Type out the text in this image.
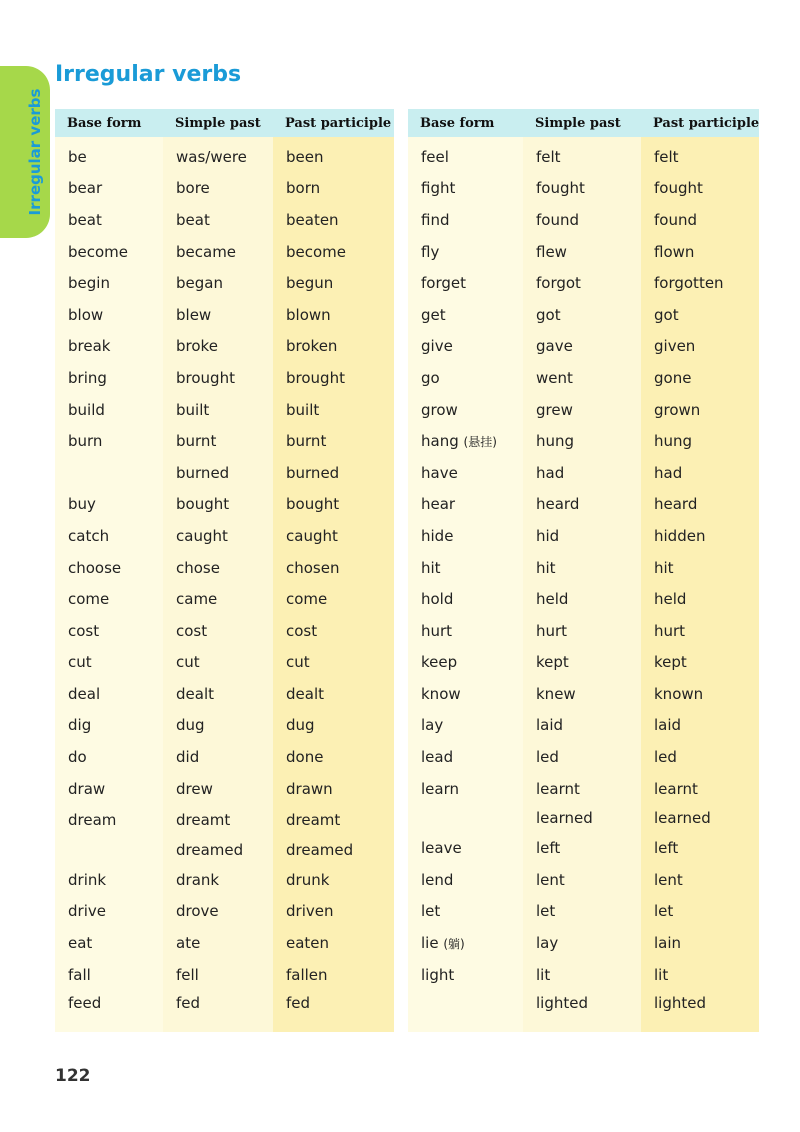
Irregular verbs
Irregular verbs
Base form	Simple past	Past participle
be	was/were	been
bear	bore	born
beat	beat	beaten
become	became	become
begin	began	begun
blow	blew	blown
break	broke	broken
bring	brought	brought
build	built	built
burn	burnt	burnt
	burned	burned
buy	bought	bought
catch	caught	caught
choose	chose	chosen
come	came	come
cost	cost	cost
cut	cut	cut
deal	dealt	dealt
dig	dug	dug
do	did	done
draw	drew	drawn
dream	dreamt	dreamt
	dreamed	dreamed
drink	drank	drunk
drive	drove	driven
eat	ate	eaten
fall	fell	fallen
feed	fed	fed
Base form	Simple past	Past participle
feel	felt	felt
fight	fought	fought
find	found	found
fly	flew	flown
forget	forgot	forgotten
get	got	got
give	gave	given
go	went	gone
grow	grew	grown
hang (悬挂)	hung	hung
have	had	had
hear	heard	heard
hide	hid	hidden
hit	hit	hit
hold	held	held
hurt	hurt	hurt
keep	kept	kept
know	knew	known
lay	laid	laid
lead	led	led
learn	learnt	learnt
	learned	learned
leave	left	left
lend	lent	lent
let	let	let
lie (躺)	lay	lain
light	lit	lit
	lighted	lighted
122
